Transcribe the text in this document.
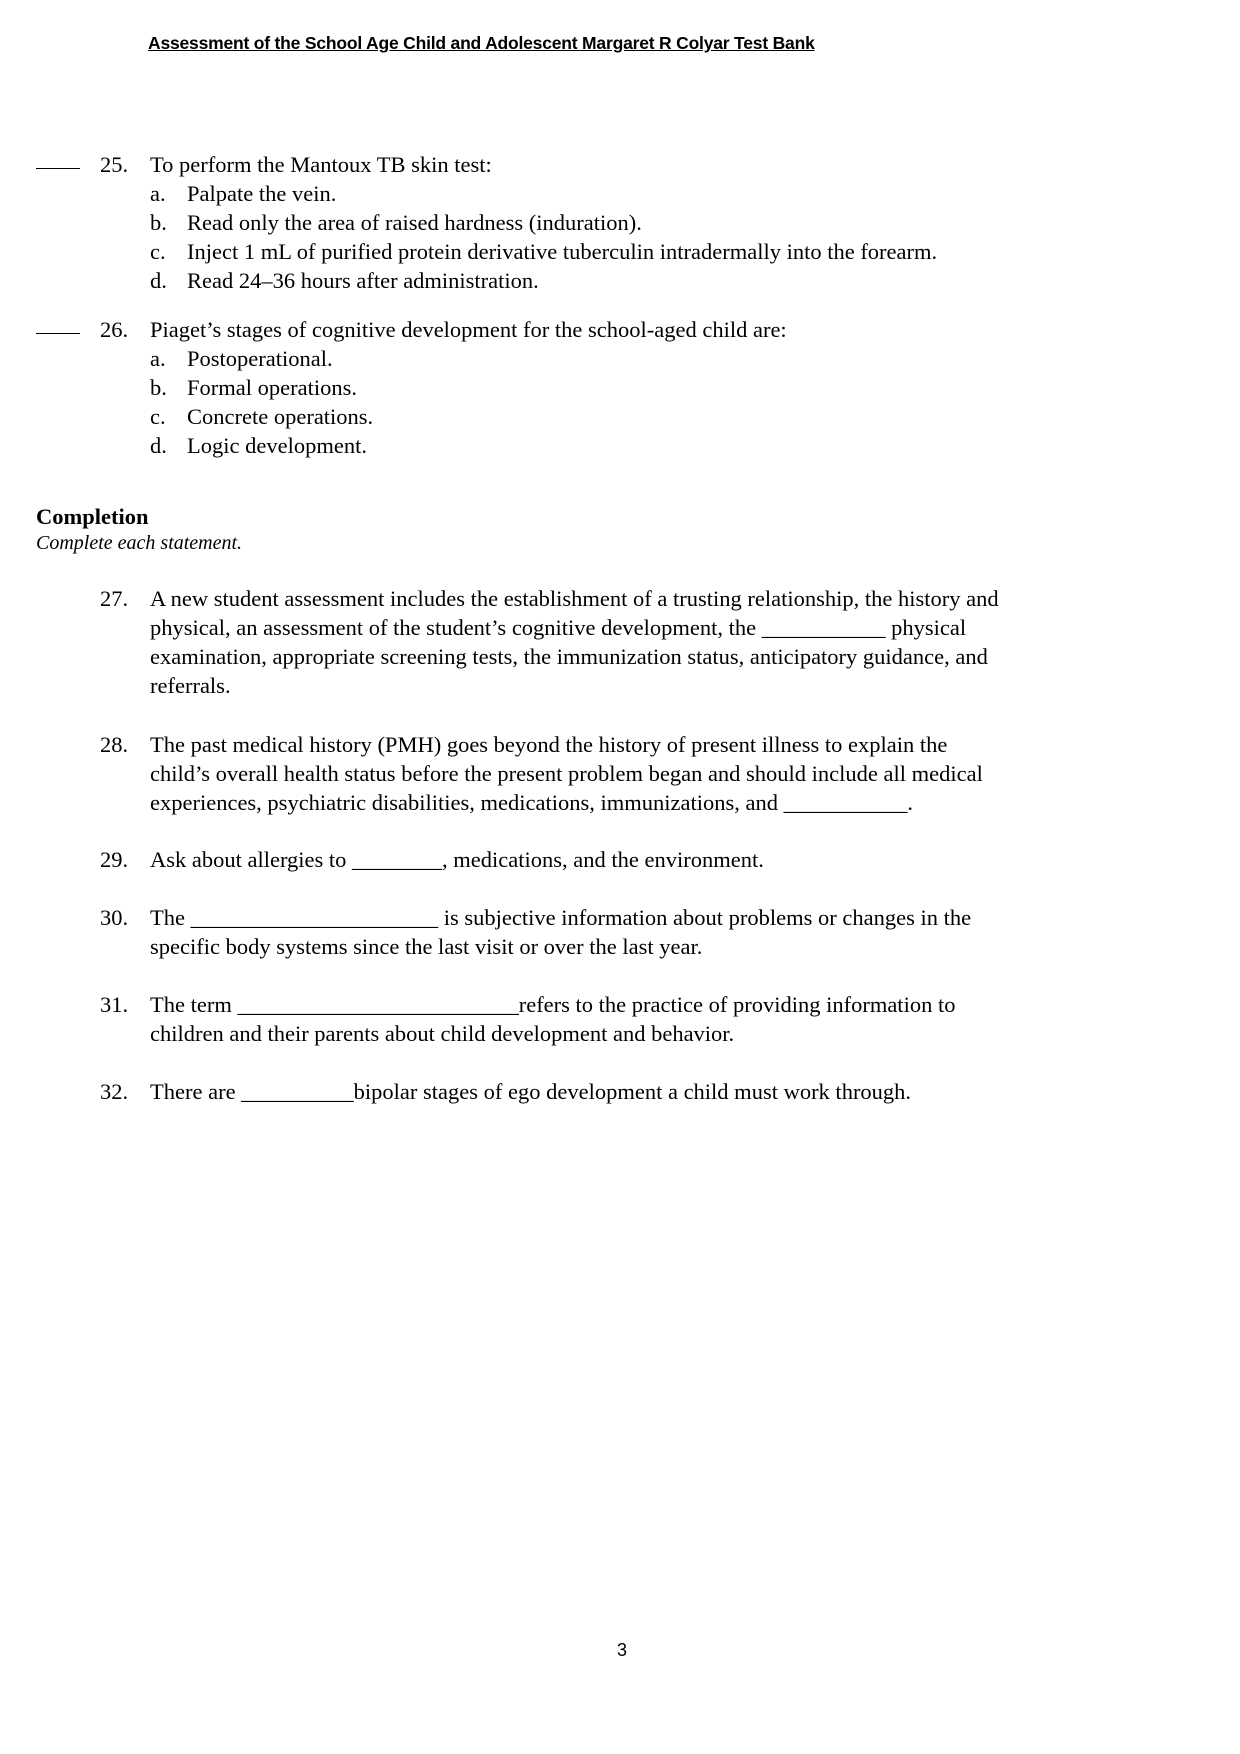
Assessment of the School Age Child and Adolescent Margaret R Colyar Test Bank
Completion
Complete each statement.
3
25. To perform the Mantoux TB skin test:
a. Palpate the vein.
b. Read only the area of raised hardness (induration).
c. Inject 1 mL of purified protein derivative tuberculin intradermally into the forearm.
d. Read 24–36 hours after administration.
26. Piaget’s stages of cognitive development for the school-aged child are:
a. Postoperational.
b. Formal operations.
c. Concrete operations.
d. Logic development.
27. A new student assessment includes the establishment of a trusting relationship, the history and
physical, an assessment of the student’s cognitive development, the ___________ physical
examination, appropriate screening tests, the immunization status, anticipatory guidance, and
referrals.
28. The past medical history (PMH) goes beyond the history of present illness to explain the
child’s overall health status before the present problem began and should include all medical
experiences, psychiatric disabilities, medications, immunizations, and ___________.
29. Ask about allergies to ________, medications, and the environment.
30. The ______________________ is subjective information about problems or changes in the
specific body systems since the last visit or over the last year.
31. The term _________________________refers to the practice of providing information to
children and their parents about child development and behavior.
32. There are __________bipolar stages of ego development a child must work through.
